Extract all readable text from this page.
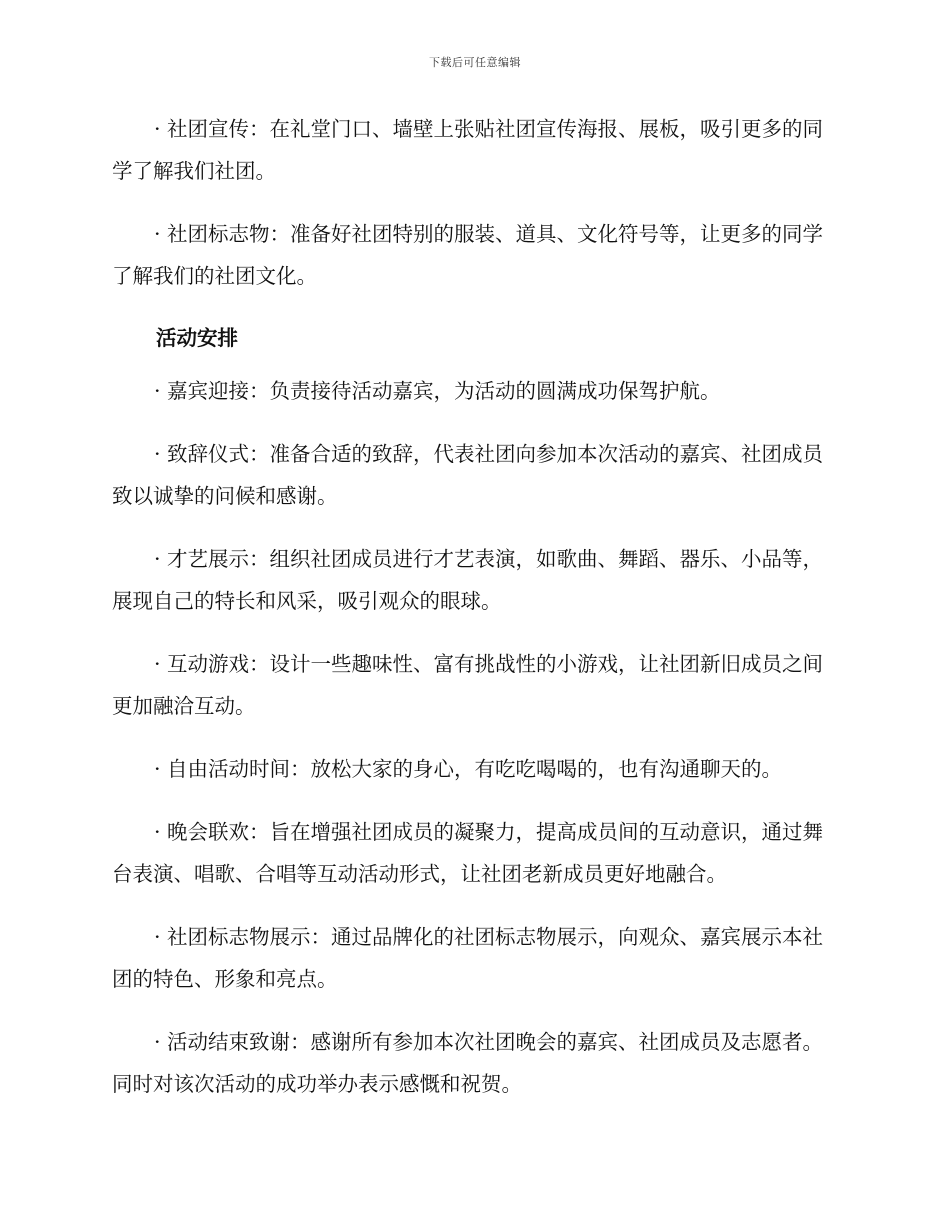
下载后可任意编辑

· 社团宣传：在礼堂门口、墙壁上张贴社团宣传海报、展板，吸引更多的同学了解我们社团。

· 社团标志物：准备好社团特别的服装、道具、文化符号等，让更多的同学了解我们的社团文化。

活动安排

· 嘉宾迎接：负责接待活动嘉宾，为活动的圆满成功保驾护航。

· 致辞仪式：准备合适的致辞，代表社团向参加本次活动的嘉宾、社团成员致以诚挚的问候和感谢。

· 才艺展示：组织社团成员进行才艺表演，如歌曲、舞蹈、器乐、小品等，展现自己的特长和风采，吸引观众的眼球。

· 互动游戏：设计一些趣味性、富有挑战性的小游戏，让社团新旧成员之间更加融洽互动。

· 自由活动时间：放松大家的身心，有吃吃喝喝的，也有沟通聊天的。

· 晚会联欢：旨在增强社团成员的凝聚力，提高成员间的互动意识，通过舞台表演、唱歌、合唱等互动活动形式，让社团老新成员更好地融合。

· 社团标志物展示：通过品牌化的社团标志物展示，向观众、嘉宾展示本社团的特色、形象和亮点。

· 活动结束致谢：感谢所有参加本次社团晚会的嘉宾、社团成员及志愿者。同时对该次活动的成功举办表示感慨和祝贺。
